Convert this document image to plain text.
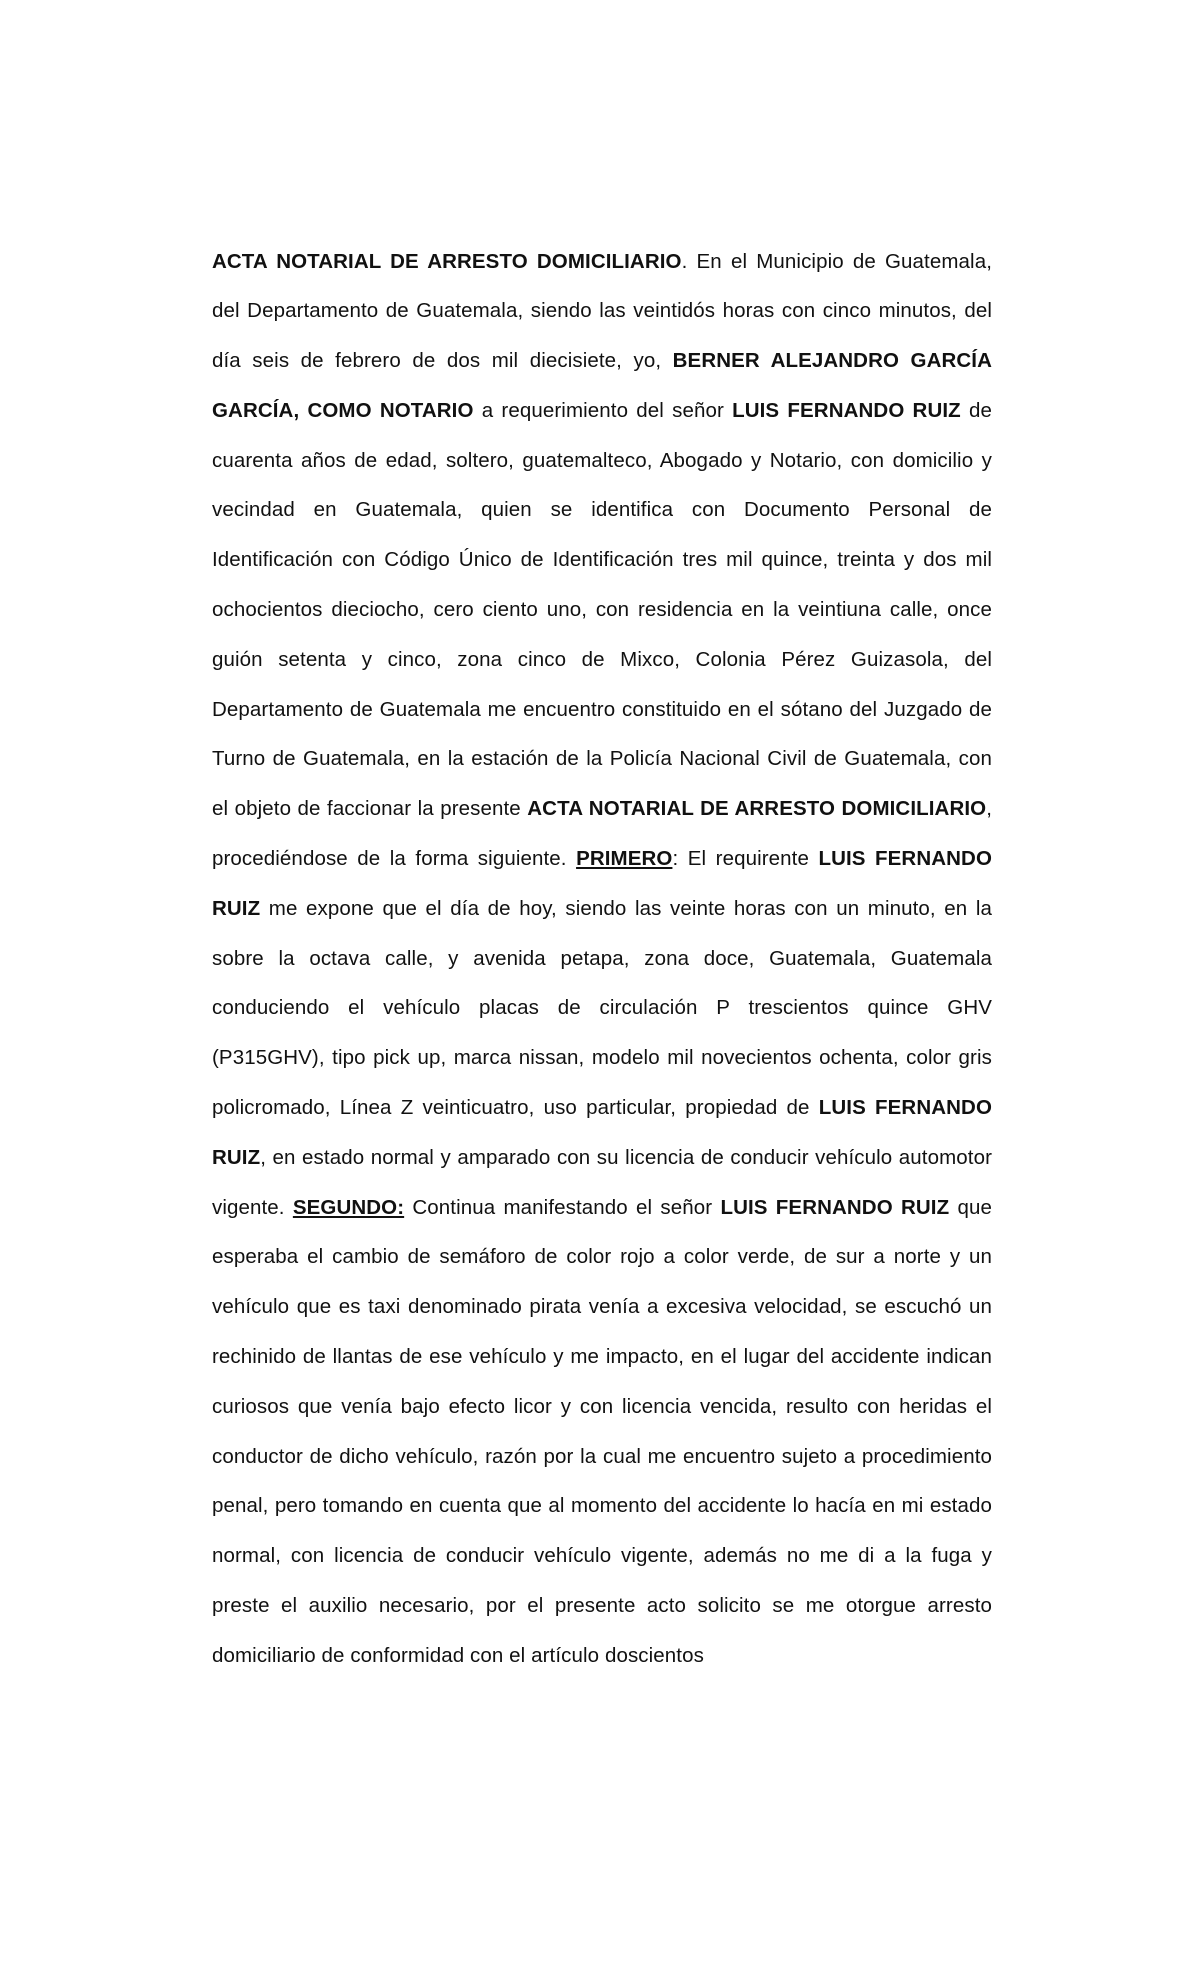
ACTA NOTARIAL DE ARRESTO DOMICILIARIO. En el Municipio de Guatemala, del Departamento de Guatemala, siendo las veintidós horas con cinco minutos, del día seis de febrero de dos mil diecisiete, yo, BERNER ALEJANDRO GARCÍA GARCÍA, COMO NOTARIO a requerimiento del señor LUIS FERNANDO RUIZ de cuarenta años de edad, soltero, guatemalteco, Abogado y Notario, con domicilio y vecindad en Guatemala, quien se identifica con Documento Personal de Identificación con Código Único de Identificación tres mil quince, treinta y dos mil ochocientos dieciocho, cero ciento uno, con residencia en la veintiuna calle, once guión setenta y cinco, zona cinco de Mixco, Colonia Pérez Guizasola, del Departamento de Guatemala me encuentro constituido en el sótano del Juzgado de Turno de Guatemala, en la estación de la Policía Nacional Civil de Guatemala, con el objeto de faccionar la presente ACTA NOTARIAL DE ARRESTO DOMICILIARIO, procediéndose de la forma siguiente. PRIMERO: El requirente LUIS FERNANDO RUIZ me expone que el día de hoy, siendo las veinte horas con un minuto, en la sobre la octava calle, y avenida petapa, zona doce, Guatemala, Guatemala conduciendo el vehículo placas de circulación P trescientos quince GHV (P315GHV), tipo pick up, marca nissan, modelo mil novecientos ochenta, color gris policromado, Línea Z veinticuatro, uso particular, propiedad de LUIS FERNANDO RUIZ, en estado normal y amparado con su licencia de conducir vehículo automotor vigente. SEGUNDO: Continua manifestando el señor LUIS FERNANDO RUIZ que esperaba el cambio de semáforo de color rojo a color verde, de sur a norte y un vehículo que es taxi denominado pirata venía a excesiva velocidad, se escuchó un rechinido de llantas de ese vehículo y me impacto, en el lugar del accidente indican curiosos que venía bajo efecto licor y con licencia vencida, resulto con heridas el conductor de dicho vehículo, razón por la cual me encuentro sujeto a procedimiento penal, pero tomando en cuenta que al momento del accidente lo hacía en mi estado normal, con licencia de conducir vehículo vigente, además no me di a la fuga y preste el auxilio necesario, por el presente acto solicito se me otorgue arresto domiciliario de conformidad con el artículo doscientos
